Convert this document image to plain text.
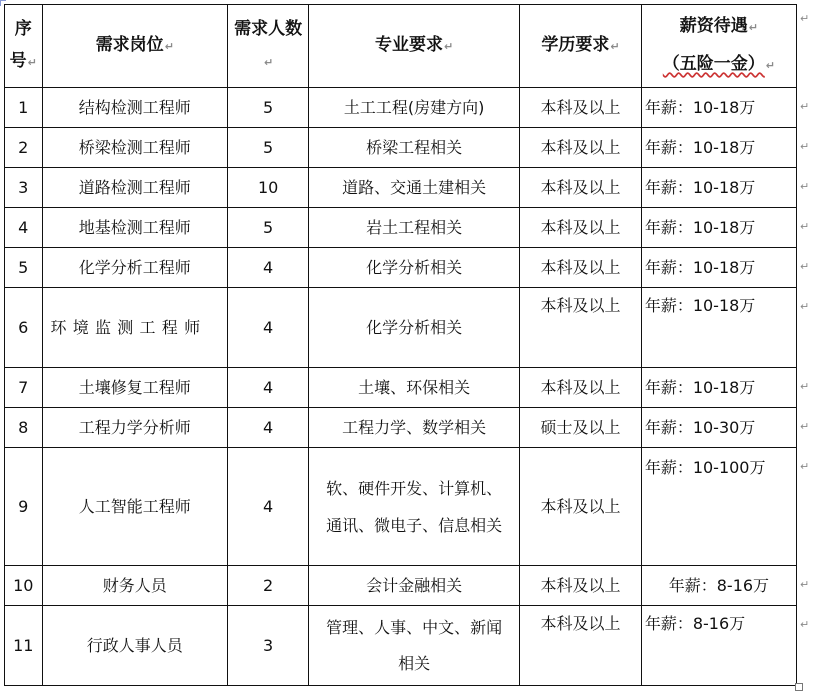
序号↵	需求岗位↵	需求人数↵	专业要求↵	学历要求↵	薪资待遇↵
（五险一金）↵
1	结构检测工程师	5	土工工程(房建方向)	本科及以上	年薪：10-18万
2	桥梁检测工程师	5	桥梁工程相关	本科及以上	年薪：10-18万
3	道路检测工程师	10	道路、交通土建相关	本科及以上	年薪：10-18万
4	地基检测工程师	5	岩土工程相关	本科及以上	年薪：10-18万
5	化学分析工程师	4	化学分析相关	本科及以上	年薪：10-18万
6	环境监测工程师	4	化学分析相关	本科及以上	年薪：10-18万
7	土壤修复工程师	4	土壤、环保相关	本科及以上	年薪：10-18万
8	工程力学分析师	4	工程力学、数学相关	硕士及以上	年薪：10-30万
9	人工智能工程师	4	软、硬件开发、计算机、通讯、微电子、信息相关	本科及以上	年薪：10-100万
10	财务人员	2	会计金融相关	本科及以上	年薪：8-16万
11	行政人事人员	3	管理、人事、中文、新闻相关	本科及以上	年薪：8-16万
↵
↵
↵
↵
↵
↵
↵
↵
↵
↵
↵
↵
